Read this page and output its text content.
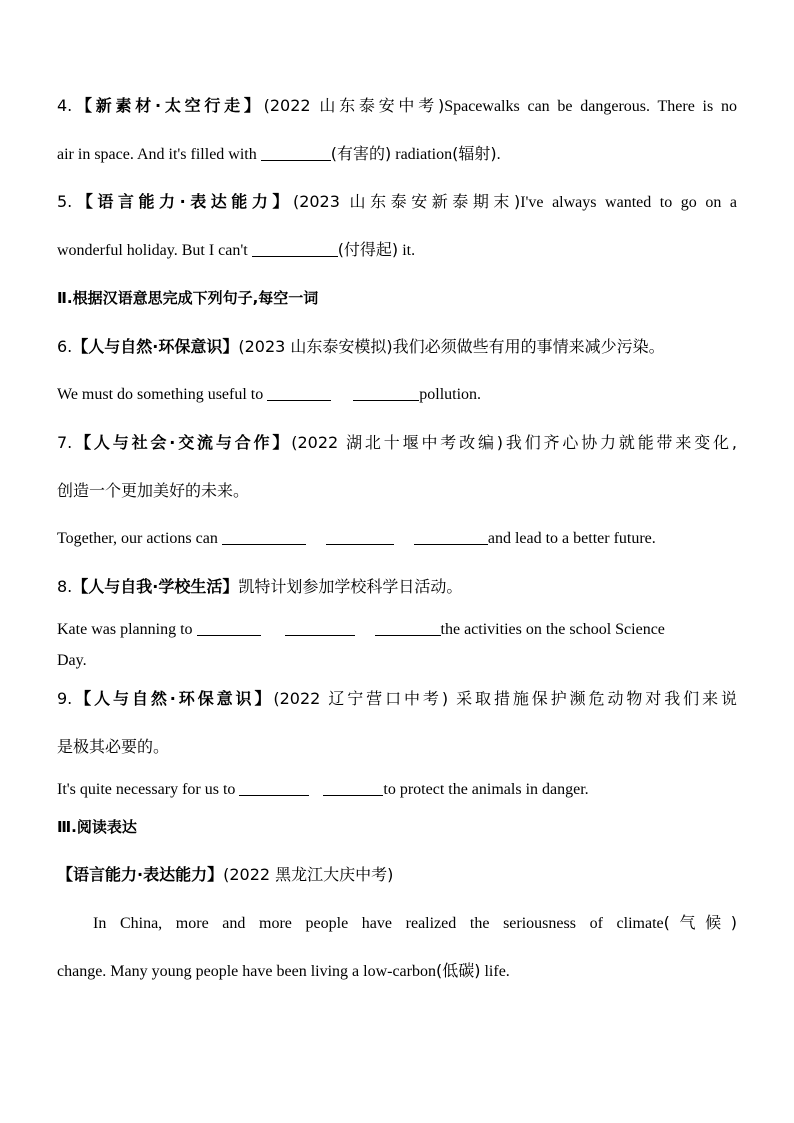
4.【新素材·太空行走】(2022 山东泰安中考)Spacewalks can be dangerous. There is no
air in space. And it's filled with	(有害的) radiation(辐射).
5.【语言能力·表达能力】(2023 山东泰安新泰期末)I've always wanted to go on a
wonderful holiday. But I can't	(付得起) it.
Ⅱ.根据汉语意思完成下列句子,每空一词
6.【人与自然·环保意识】(2023 山东泰安模拟)我们必须做些有用的事情来减少污染。
We must do something useful to	pollution.
7.【人与社会·交流与合作】(2022 湖北十堰中考改编)我们齐心协力就能带来变化,
创造一个更加美好的未来。
Together, our actions can	and lead to a better future.
8.【人与自我·学校生活】凯特计划参加学校科学日活动。
Kate was planning to	the activities on the school Science
Day.
9.【人与自然·环保意识】(2022 辽宁营口中考) 采取措施保护濒危动物对我们来说
是极其必要的。
It's quite necessary for us to	to protect the animals in danger.
Ⅲ.阅读表达
【语言能力·表达能力】(2022 黑龙江大庆中考)
In China, more and more people have realized the seriousness of climate(气候)
change. Many young people have been living a low-carbon(低碳) life.
